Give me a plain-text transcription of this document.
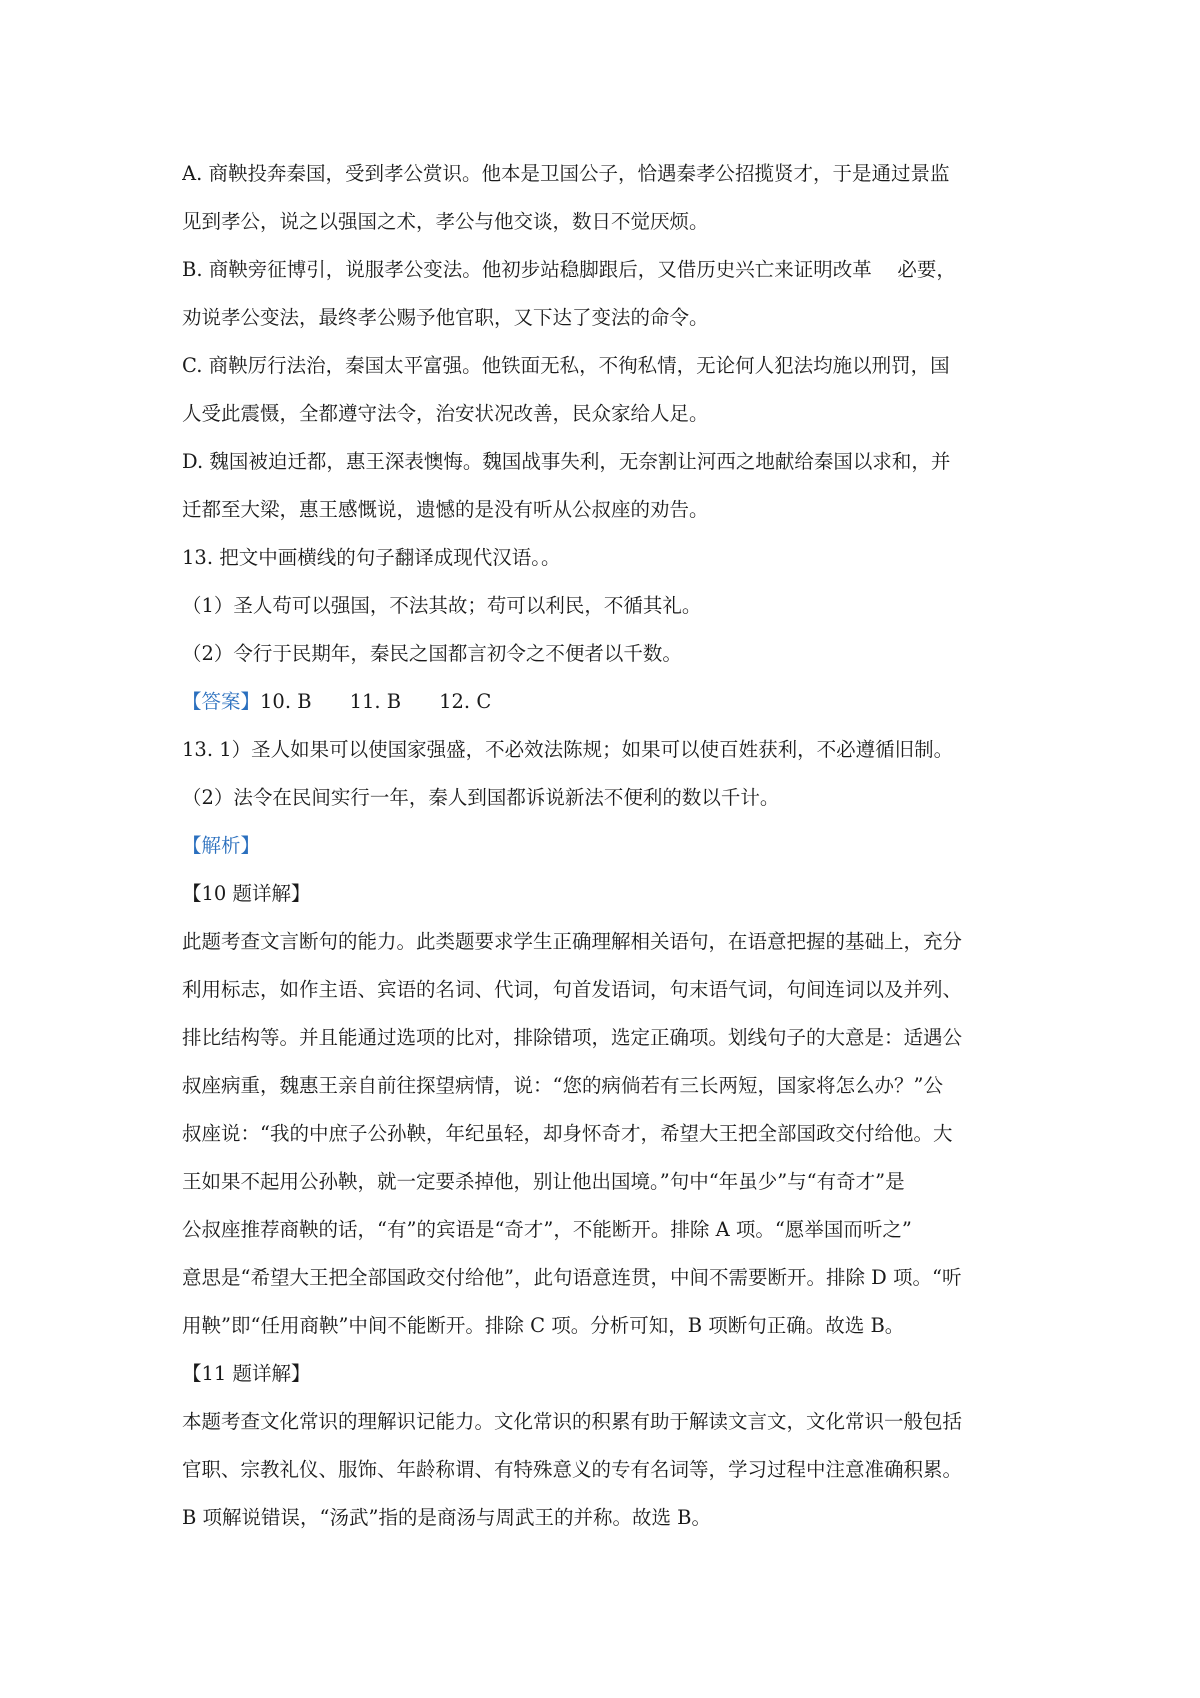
A. 商鞅投奔秦国，受到孝公赏识。他本是卫国公子，恰遇秦孝公招揽贤才，于是通过景监
见到孝公，说之以强国之术，孝公与他交谈，数日不觉厌烦。
B. 商鞅旁征博引，说服孝公变法。他初步站稳脚跟后，又借历史兴亡来证明改革　 必要，
劝说孝公变法，最终孝公赐予他官职，又下达了变法的命令。
C. 商鞅厉行法治，秦国太平富强。他铁面无私，不徇私情，无论何人犯法均施以刑罚，国
人受此震慑，全都遵守法令，治安状况改善，民众家给人足。
D. 魏国被迫迁都，惠王深表懊悔。魏国战事失利，无奈割让河西之地献给秦国以求和，并
迁都至大梁，惠王感慨说，遗憾的是没有听从公叔座的劝告。
13. 把文中画横线的句子翻译成现代汉语。。
（1）圣人苟可以强国，不法其故；苟可以利民，不循其礼。
（2）令行于民期年，秦民之国都言初令之不便者以千数。
【答案】10. B 11. B 12. C
13. 1）圣人如果可以使国家强盛，不必效法陈规；如果可以使百姓获利，不必遵循旧制。
（2）法令在民间实行一年，秦人到国都诉说新法不便利的数以千计。
【解析】
【10 题详解】
此题考查文言断句的能力。此类题要求学生正确理解相关语句，在语意把握的基础上，充分
利用标志，如作主语、宾语的名词、代词，句首发语词，句末语气词，句间连词以及并列、
排比结构等。并且能通过选项的比对，排除错项，选定正确项。划线句子的大意是：适遇公
叔座病重，魏惠王亲自前往探望病情，说：“您的病倘若有三长两短，国家将怎么办？”公
叔座说：“我的中庶子公孙鞅，年纪虽轻，却身怀奇才，希望大王把全部国政交付给他。大
王如果不起用公孙鞅，就一定要杀掉他，别让他出国境。”句中“年虽少”与“有奇才”是
公叔座推荐商鞅的话，“有”的宾语是“奇才”，不能断开。排除 A 项。“愿举国而听之”
意思是“希望大王把全部国政交付给他”，此句语意连贯，中间不需要断开。排除 D 项。“听
用鞅”即“任用商鞅”中间不能断开。排除 C 项。分析可知，B 项断句正确。故选 B。
【11 题详解】
本题考查文化常识的理解识记能力。文化常识的积累有助于解读文言文，文化常识一般包括
官职、宗教礼仪、服饰、年龄称谓、有特殊意义的专有名词等，学习过程中注意准确积累。
B 项解说错误，“汤武”指的是商汤与周武王的并称。故选 B。
